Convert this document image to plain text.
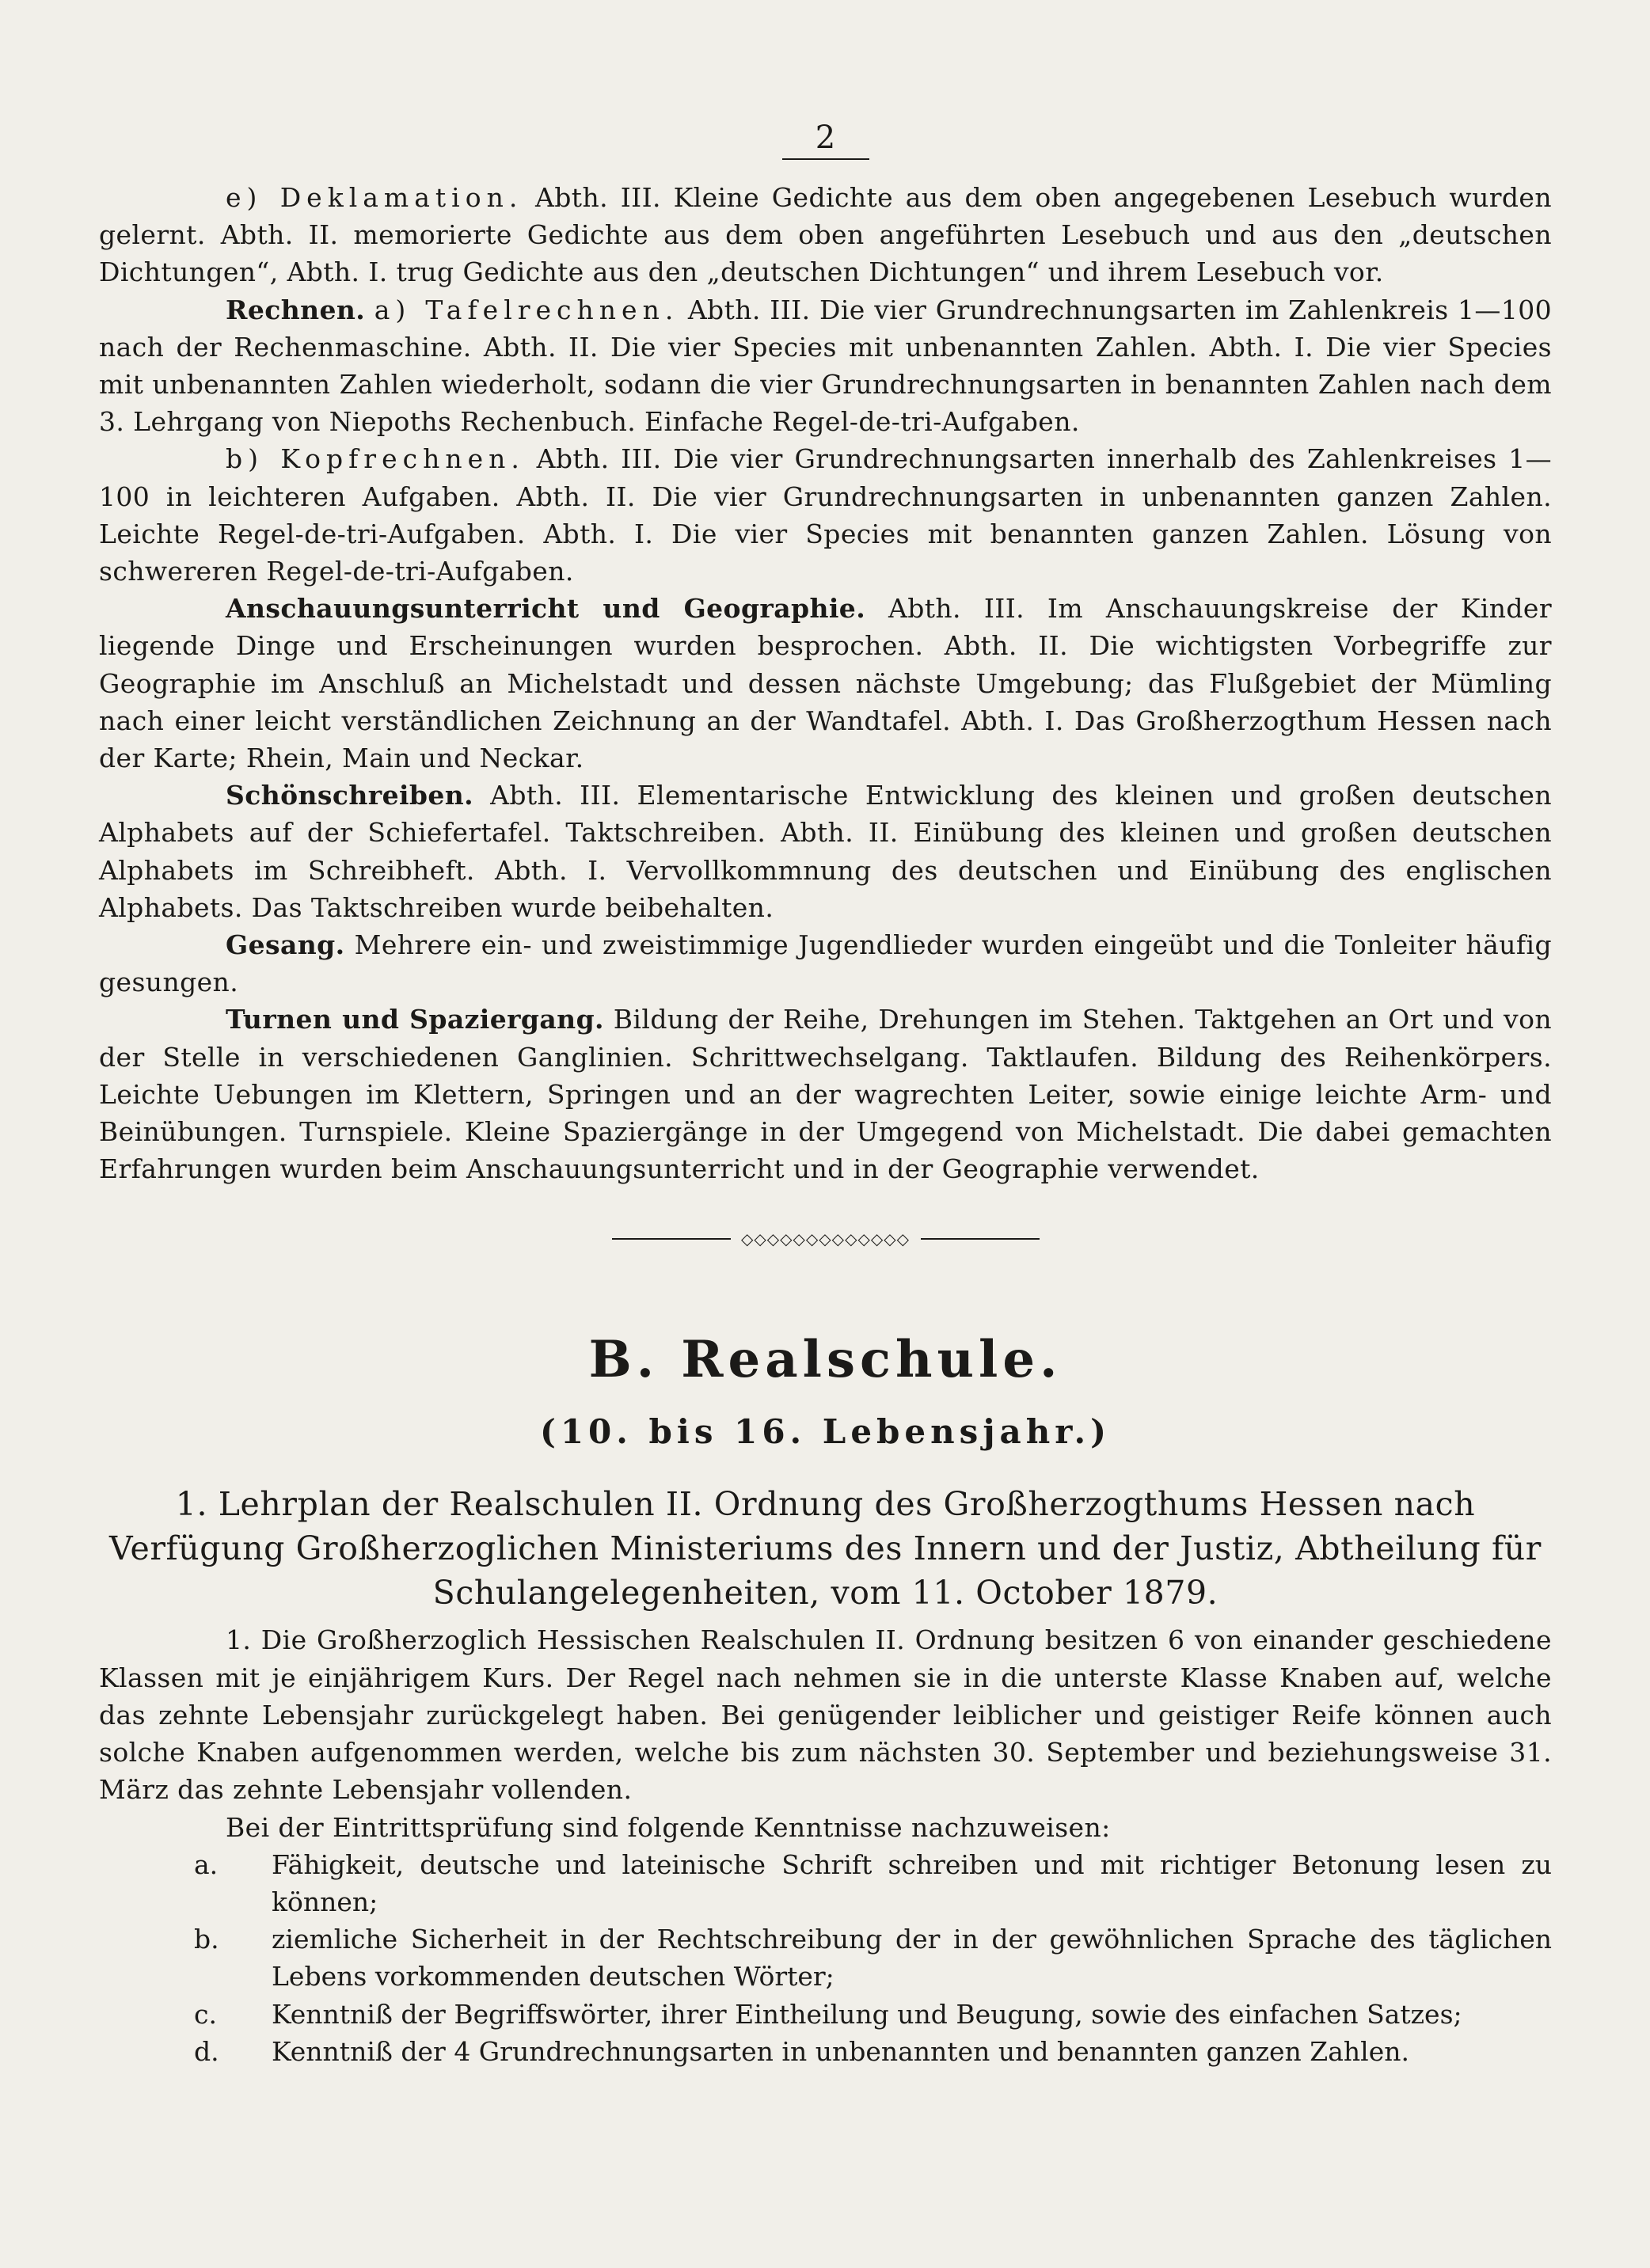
2

e) Deklamation. Abth. III. Kleine Gedichte aus dem oben angegebenen Lesebuch wurden gelernt. Abth. II. memorierte Gedichte aus dem oben angeführten Lesebuch und aus den „deutschen Dichtungen“, Abth. I. trug Gedichte aus den „deutschen Dichtungen“ und ihrem Lesebuch vor.

Rechnen. a) Tafelrechnen. Abth. III. Die vier Grundrechnungsarten im Zahlenkreis 1—100 nach der Rechenmaschine. Abth. II. Die vier Species mit unbenannten Zahlen. Abth. I. Die vier Species mit unbenannten Zahlen wiederholt, sodann die vier Grundrechnungsarten in benannten Zahlen nach dem 3. Lehrgang von Niepoths Rechenbuch. Einfache Regel-de-tri-Aufgaben.

b) Kopfrechnen. Abth. III. Die vier Grundrechnungsarten innerhalb des Zahlenkreises 1—100 in leichteren Aufgaben. Abth. II. Die vier Grundrechnungsarten in unbenannten ganzen Zahlen. Leichte Regel-de-tri-Aufgaben. Abth. I. Die vier Species mit benannten ganzen Zahlen. Lösung von schwereren Regel-de-tri-Aufgaben.

Anschauungsunterricht und Geographie. Abth. III. Im Anschauungskreise der Kinder liegende Dinge und Erscheinungen wurden besprochen. Abth. II. Die wichtigsten Vorbegriffe zur Geographie im Anschluß an Michelstadt und dessen nächste Umgebung; das Flußgebiet der Mümling nach einer leicht verständlichen Zeichnung an der Wandtafel. Abth. I. Das Großherzogthum Hessen nach der Karte; Rhein, Main und Neckar.

Schönschreiben. Abth. III. Elementarische Entwicklung des kleinen und großen deutschen Alphabets auf der Schiefertafel. Taktschreiben. Abth. II. Einübung des kleinen und großen deutschen Alphabets im Schreibheft. Abth. I. Vervollkommnung des deutschen und Einübung des englischen Alphabets. Das Taktschreiben wurde beibehalten.

Gesang. Mehrere ein- und zweistimmige Jugendlieder wurden eingeübt und die Tonleiter häufig gesungen.

Turnen und Spaziergang. Bildung der Reihe, Drehungen im Stehen. Taktgehen an Ort und von der Stelle in verschiedenen Ganglinien. Schrittwechselgang. Taktlaufen. Bildung des Reihenkörpers. Leichte Uebungen im Klettern, Springen und an der wagrechten Leiter, sowie einige leichte Arm- und Beinübungen. Turnspiele. Kleine Spaziergänge in der Umgegend von Michelstadt. Die dabei gemachten Erfahrungen wurden beim Anschauungsunterricht und in der Geographie verwendet.

◇◇◇◇◇◇◇◇◇◇◇◇◇
B. Realschule.
(10. bis 16. Lebensjahr.)
1. Lehrplan der Realschulen II. Ordnung des Großherzogthums Hessen nach Verfügung Großherzoglichen Ministeriums des Innern und der Justiz, Abtheilung für Schulangelegenheiten, vom 11. October 1879.

1. Die Großherzoglich Hessischen Realschulen II. Ordnung besitzen 6 von einander geschiedene Klassen mit je einjährigem Kurs. Der Regel nach nehmen sie in die unterste Klasse Knaben auf, welche das zehnte Lebensjahr zurückgelegt haben. Bei genügender leiblicher und geistiger Reife können auch solche Knaben aufgenommen werden, welche bis zum nächsten 30. September und beziehungsweise 31. März das zehnte Lebensjahr vollenden.

Bei der Eintrittsprüfung sind folgende Kenntnisse nachzuweisen:

a.	Fähigkeit, deutsche und lateinische Schrift schreiben und mit richtiger Betonung lesen zu können;
b.	ziemliche Sicherheit in der Rechtschreibung der in der gewöhnlichen Sprache des täglichen Lebens vorkommenden deutschen Wörter;
c.	Kenntniß der Begriffswörter, ihrer Eintheilung und Beugung, sowie des einfachen Satzes;
d.	Kenntniß der 4 Grundrechnungsarten in unbenannten und benannten ganzen Zahlen.
